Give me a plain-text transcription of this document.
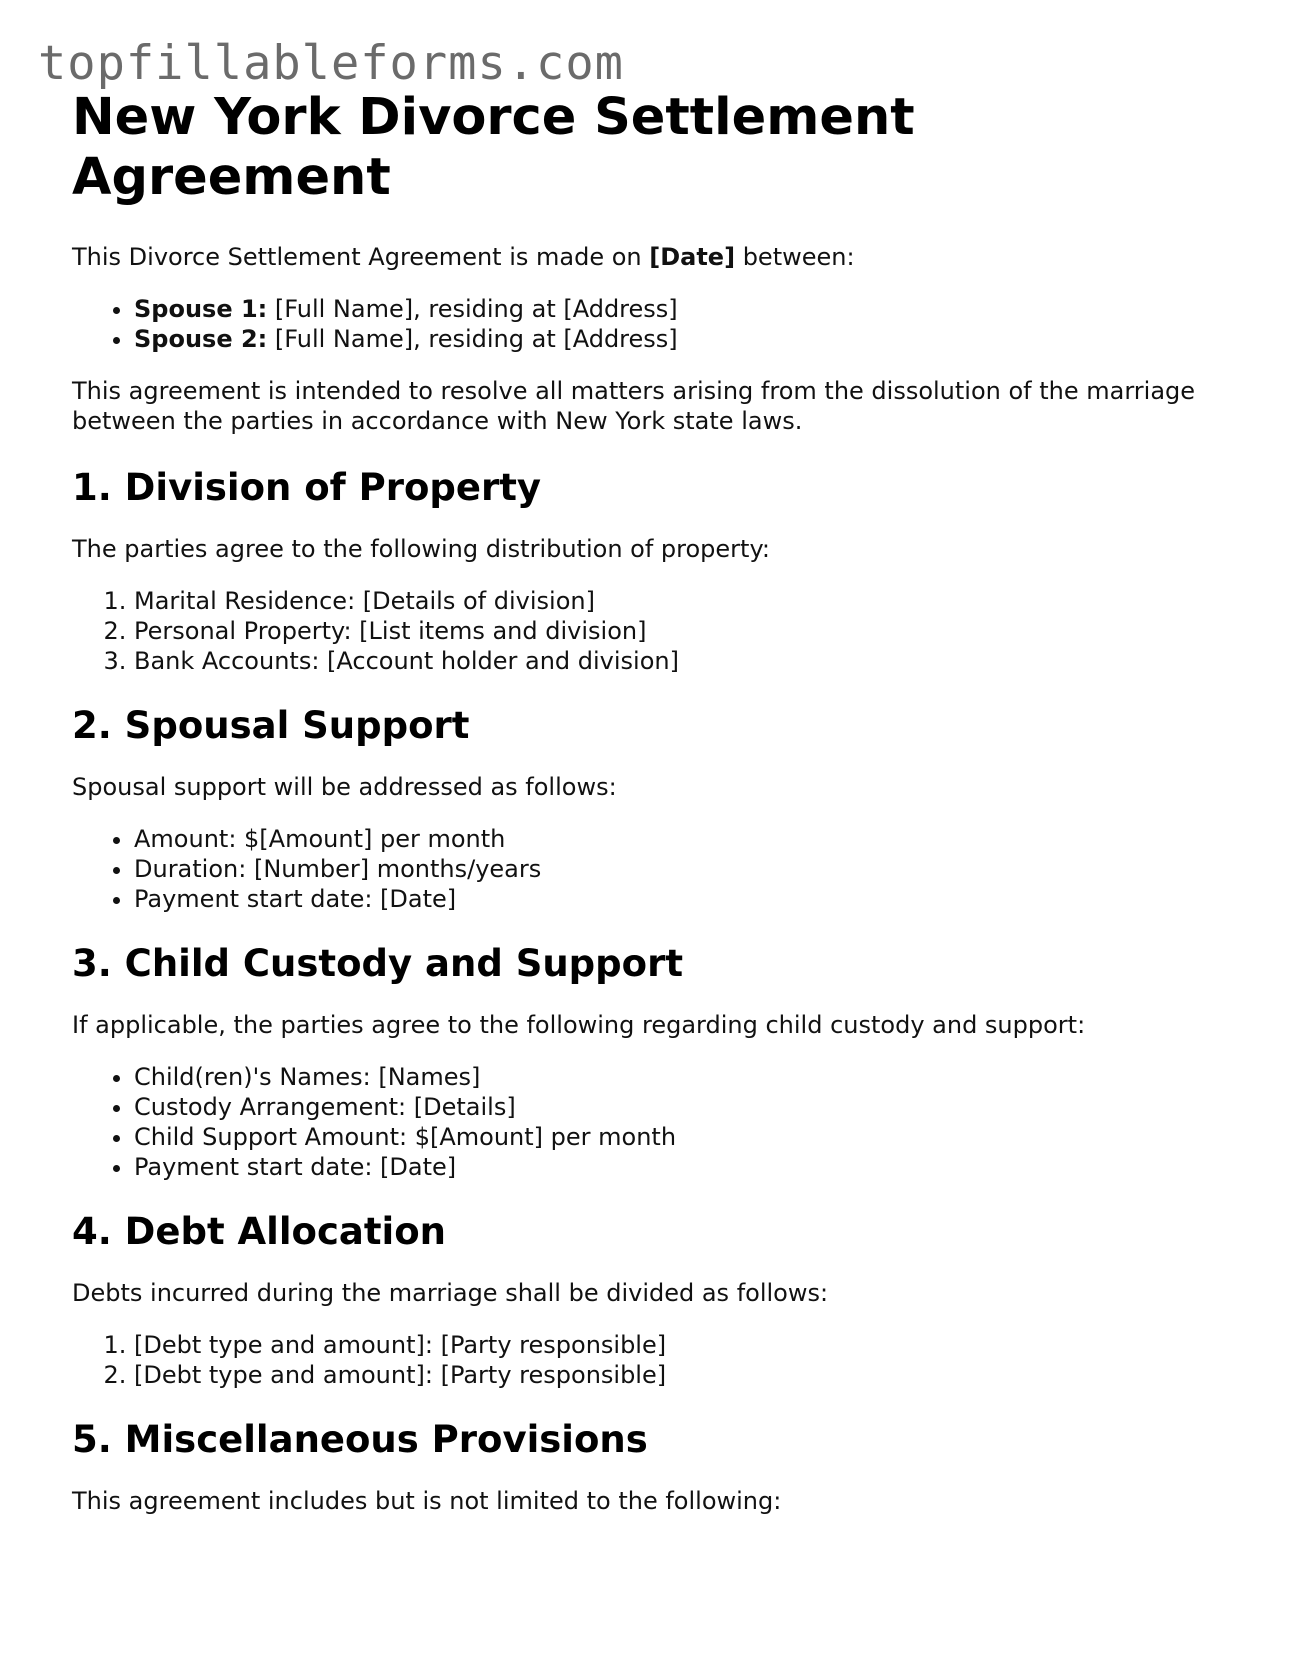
topfillableforms.com
New York Divorce Settlement Agreement

This Divorce Settlement Agreement is made on [Date] between:

• Spouse 1: [Full Name], residing at [Address]
• Spouse 2: [Full Name], residing at [Address]

This agreement is intended to resolve all matters arising from the dissolution of the marriage between the parties in accordance with New York state laws.

1. Division of Property

The parties agree to the following distribution of property:

1. Marital Residence: [Details of division]
2. Personal Property: [List items and division]
3. Bank Accounts: [Account holder and division]
2. Spousal Support

Spousal support will be addressed as follows:

• Amount: $[Amount] per month
• Duration: [Number] months/years
• Payment start date: [Date]
3. Child Custody and Support

If applicable, the parties agree to the following regarding child custody and support:

• Child(ren)'s Names: [Names]
• Custody Arrangement: [Details]
• Child Support Amount: $[Amount] per month
• Payment start date: [Date]
4. Debt Allocation

Debts incurred during the marriage shall be divided as follows:

1. [Debt type and amount]: [Party responsible]
2. [Debt type and amount]: [Party responsible]
5. Miscellaneous Provisions

This agreement includes but is not limited to the following:
